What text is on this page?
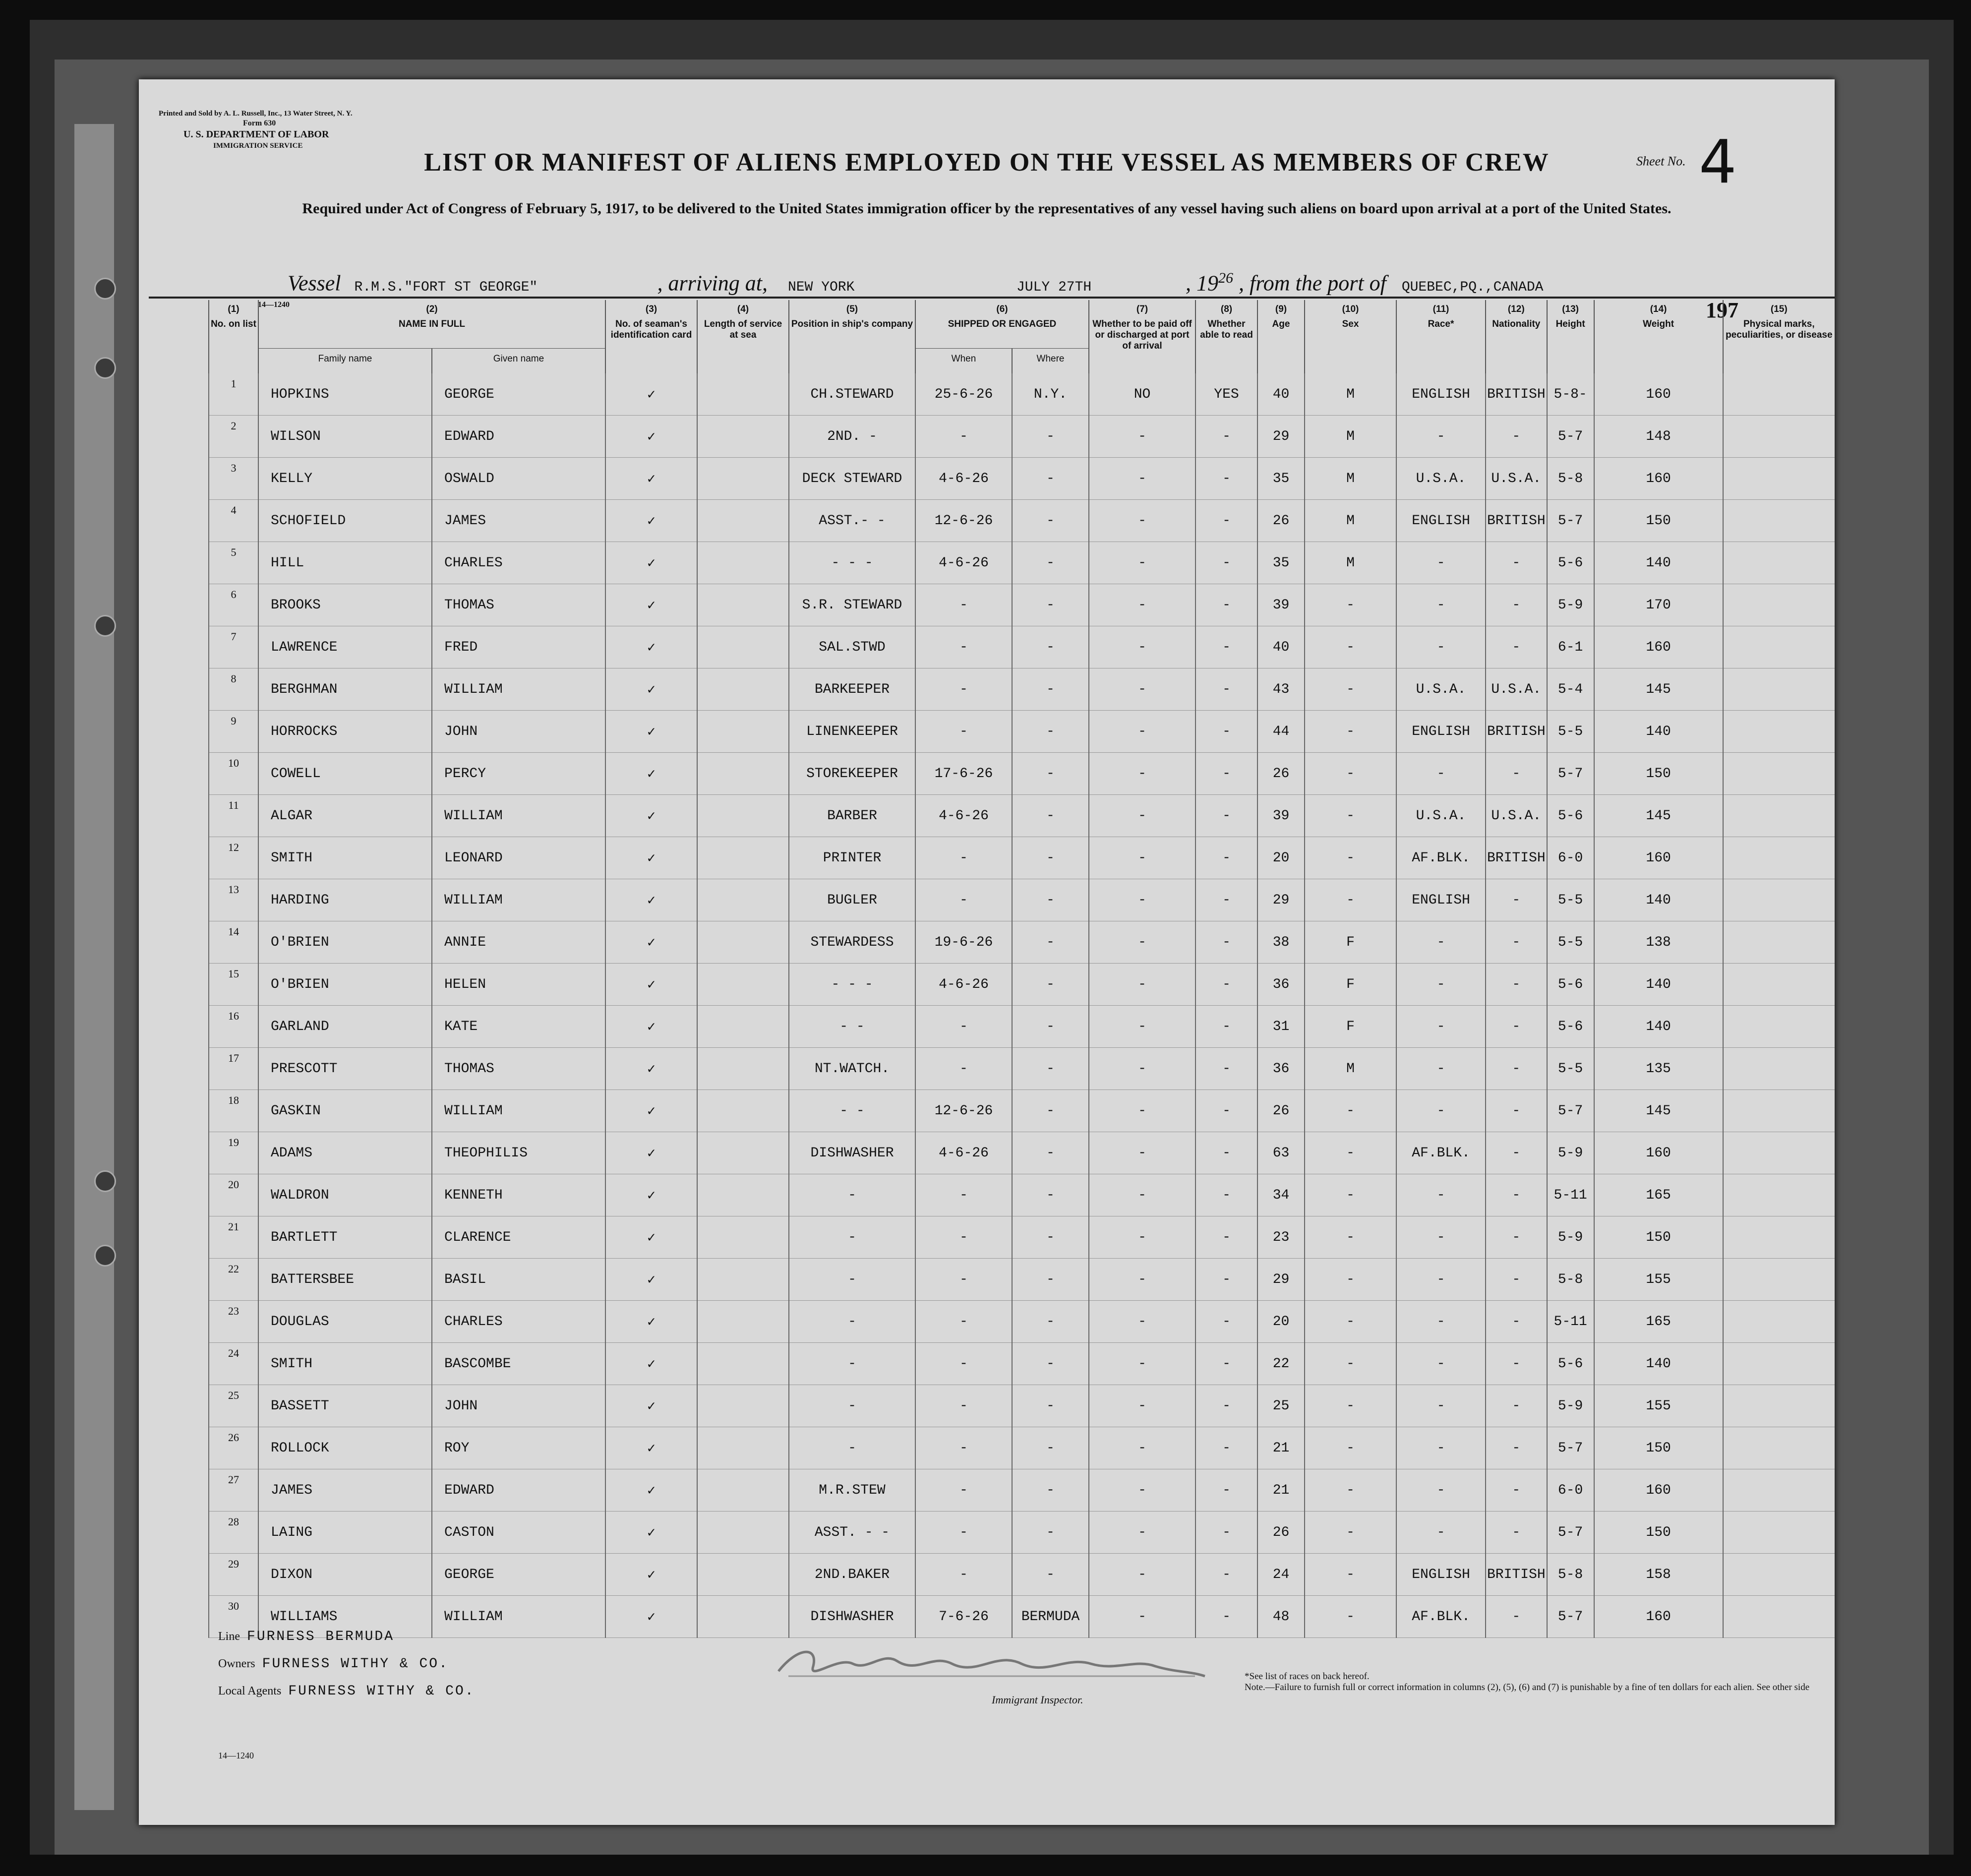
Printed and Sold by A. L. Russell, Inc., 13 Water Street, N. Y.
Form 630
U. S. DEPARTMENT OF LABOR
IMMIGRATION SERVICE
Sheet No. 4
LIST OR MANIFEST OF ALIENS EMPLOYED ON THE VESSEL AS MEMBERS OF CREW
Required under Act of Congress of February 5, 1917, to be delivered to the United States immigration officer by the representatives of any vessel having such aliens on board upon arrival at a port of the United States.
Vessel R.M.S."FORT ST GEORGE"	, arriving at, NEW YORK	JULY 27TH	, $19^{26}$ , from the port of QUEBEC,PQ.,CANADA
14—1240	197
(1)	(2)		(3)	(4)	(5)	(6)		(7)	(8)	(9)	(10)	(11)	(12)	(13)	(14)	(15)
No. on list	NAME IN FULL		No. of seaman's identification card	Length of service at sea	Position in ship's company	SHIPPED OR ENGAGED		Whether to be paid off or discharged at port of arrival	Whether able to read	Age	Sex	Race*	Nationality	Height	Weight	Physical marks, peculiarities, or disease
	Family name	Given name				When	Where									
1	HOPKINS	GEORGE	✓		CH.STEWARD	25-6-26	N.Y.	NO	YES	40	M	ENGLISH	BRITISH	5-8-	160	
2	WILSON	EDWARD	✓		2ND. -	-	-	-	-	29	M	-	-	5-7	148	
3	KELLY	OSWALD	✓		DECK STEWARD	4-6-26	-	-	-	35	M	U.S.A.	U.S.A.	5-8	160	
4	SCHOFIELD	JAMES	✓		ASST.- -	12-6-26	-	-	-	26	M	ENGLISH	BRITISH	5-7	150	
5	HILL	CHARLES	✓		- - -	4-6-26	-	-	-	35	M	-	-	5-6	140	
6	BROOKS	THOMAS	✓		S.R. STEWARD	-	-	-	-	39	-	-	-	5-9	170	
7	LAWRENCE	FRED	✓		SAL.STWD	-	-	-	-	40	-	-	-	6-1	160	
8	BERGHMAN	WILLIAM	✓		BARKEEPER	-	-	-	-	43	-	U.S.A.	U.S.A.	5-4	145	
9	HORROCKS	JOHN	✓		LINENKEEPER	-	-	-	-	44	-	ENGLISH	BRITISH	5-5	140	
10	COWELL	PERCY	✓		STOREKEEPER	17-6-26	-	-	-	26	-	-	-	5-7	150	
11	ALGAR	WILLIAM	✓		BARBER	4-6-26	-	-	-	39	-	U.S.A.	U.S.A.	5-6	145	
12	SMITH	LEONARD	✓		PRINTER	-	-	-	-	20	-	AF.BLK.	BRITISH	6-0	160	
13	HARDING	WILLIAM	✓		BUGLER	-	-	-	-	29	-	ENGLISH	-	5-5	140	
14	O'BRIEN	ANNIE	✓		STEWARDESS	19-6-26	-	-	-	38	F	-	-	5-5	138	
15	O'BRIEN	HELEN	✓		- - -	4-6-26	-	-	-	36	F	-	-	5-6	140	
16	GARLAND	KATE	✓		- -	-	-	-	-	31	F	-	-	5-6	140	
17	PRESCOTT	THOMAS	✓		NT.WATCH.	-	-	-	-	36	M	-	-	5-5	135	
18	GASKIN	WILLIAM	✓		- -	12-6-26	-	-	-	26	-	-	-	5-7	145	
19	ADAMS	THEOPHILIS	✓		DISHWASHER	4-6-26	-	-	-	63	-	AF.BLK.	-	5-9	160	
20	WALDRON	KENNETH	✓		-	-	-	-	-	34	-	-	-	5-11	165	
21	BARTLETT	CLARENCE	✓		-	-	-	-	-	23	-	-	-	5-9	150	
22	BATTERSBEE	BASIL	✓		-	-	-	-	-	29	-	-	-	5-8	155	
23	DOUGLAS	CHARLES	✓		-	-	-	-	-	20	-	-	-	5-11	165	
24	SMITH	BASCOMBE	✓		-	-	-	-	-	22	-	-	-	5-6	140	
25	BASSETT	JOHN	✓		-	-	-	-	-	25	-	-	-	5-9	155	
26	ROLLOCK	ROY	✓		-	-	-	-	-	21	-	-	-	5-7	150	
27	JAMES	EDWARD	✓		M.R.STEW	-	-	-	-	21	-	-	-	6-0	160	
28	LAING	CASTON	✓		ASST. - -	-	-	-	-	26	-	-	-	5-7	150	
29	DIXON	GEORGE	✓		2ND.BAKER	-	-	-	-	24	-	ENGLISH	BRITISH	5-8	158	
30	WILLIAMS	WILLIAM	✓		DISHWASHER	7-6-26	BERMUDA	-	-	48	-	AF.BLK.	-	5-7	160	
Line FURNESS BERMUDA
Owners FURNESS WITHY & CO.
Local Agents FURNESS WITHY & CO.
14—1240
Immigrant Inspector.
*See list of races on back hereof.
Note.—Failure to furnish full or correct information in columns (2), (5), (6) and (7) is punishable by a fine of ten dollars for each alien. See other side
